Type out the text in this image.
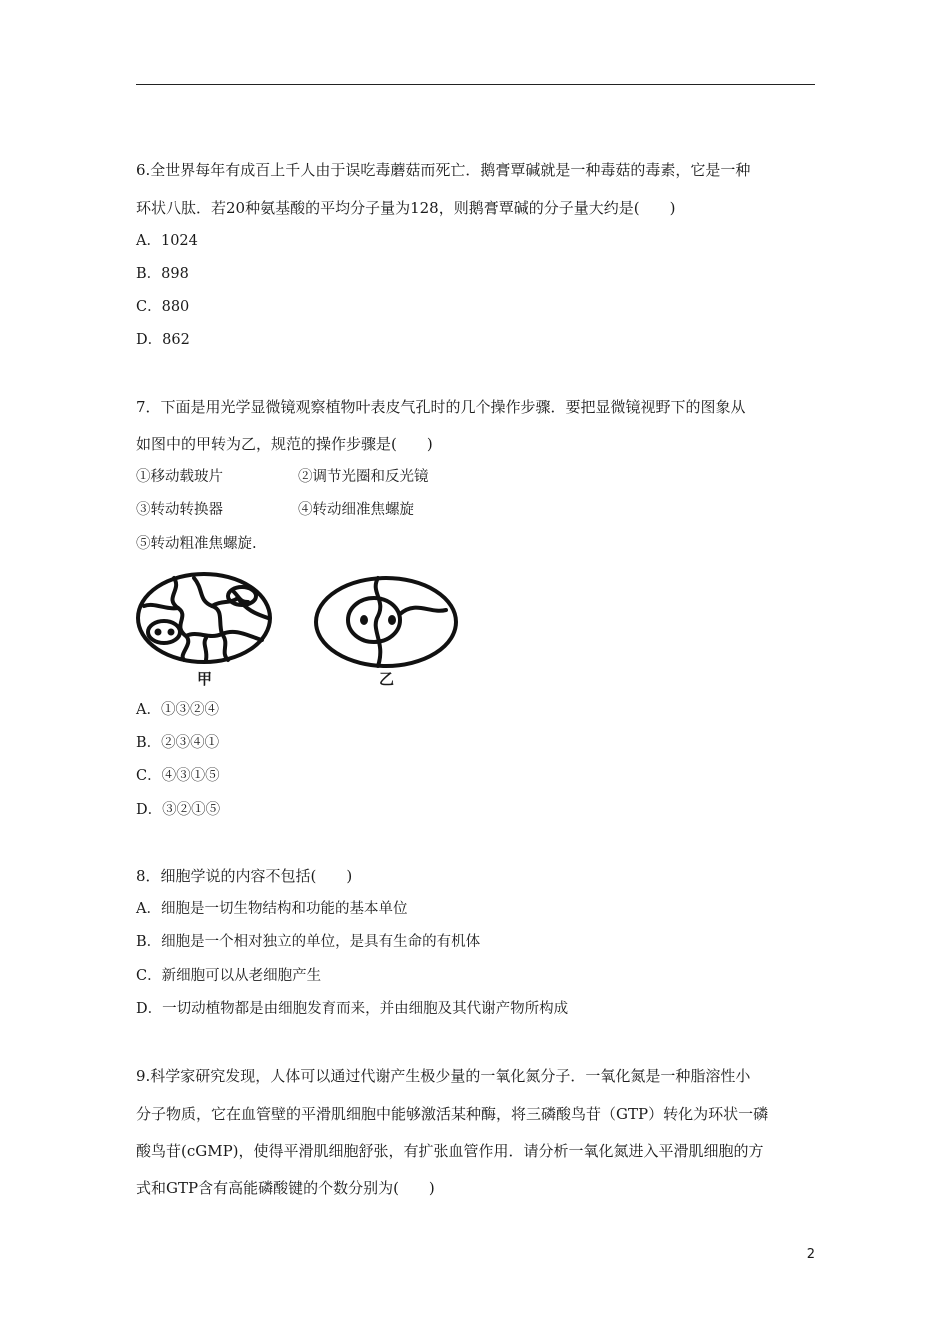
6.全世界每年有成百上千人由于误吃毒蘑菇而死亡．鹅膏覃碱就是一种毒菇的毒素，它是一种
环状八肽．若20种氨基酸的平均分子量为128，则鹅膏覃碱的分子量大约是(　　)
A．1024
B．898
C．880
D．862
7．下面是用光学显微镜观察植物叶表皮气孔时的几个操作步骤．要把显微镜视野下的图象从
如图中的甲转为乙，规范的操作步骤是(　　)
①移动载玻片	②调节光圈和反光镜
③转动转换器	④转动细准焦螺旋
⑤转动粗准焦螺旋.
甲	乙
A．①③②④
B．②③④①
C．④③①⑤
D．③②①⑤
8．细胞学说的内容不包括(　　)
A．细胞是一切生物结构和功能的基本单位
B．细胞是一个相对独立的单位，是具有生命的有机体
C．新细胞可以从老细胞产生
D．一切动植物都是由细胞发育而来，并由细胞及其代谢产物所构成
9.科学家研究发现，人体可以通过代谢产生极少量的一氧化氮分子．一氧化氮是一种脂溶性小
分子物质，它在血管壁的平滑肌细胞中能够激活某种酶，将三磷酸鸟苷（GTP）转化为环状一磷
酸鸟苷(cGMP)，使得平滑肌细胞舒张，有扩张血管作用．请分析一氧化氮进入平滑肌细胞的方
式和GTP含有高能磷酸键的个数分别为(　　)
2
